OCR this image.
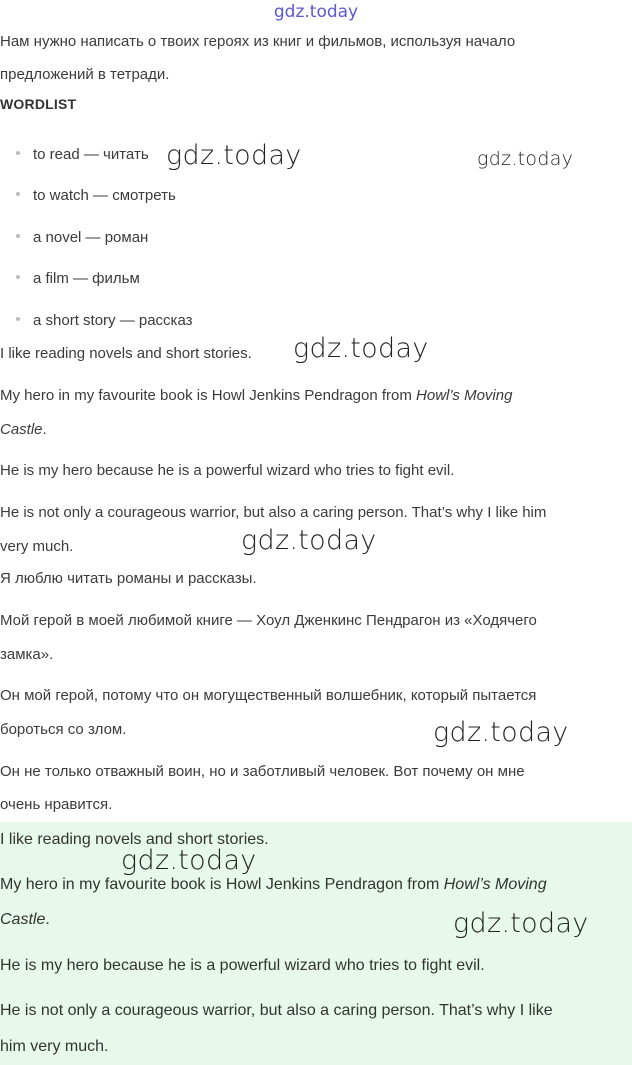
gdz.today

Нам нужно написать о твоих героях из книг и фильмов, используя начало

предложений в тетради.

WORDLIST

to read — читать
to watch — смотреть
a novel — роман
a film — фильм
a short story — рассказ

I like reading novels and short stories.

My hero in my favourite book is Howl Jenkins Pendragon from Howl’s Moving

Castle.

He is my hero because he is a powerful wizard who tries to fight evil.

He is not only a courageous warrior, but also a caring person. That’s why I like him

very much.

Я люблю читать романы и рассказы.

Мой герой в моей любимой книге — Хоул Дженкинс Пендрагон из «Ходячего

замка».

Он мой герой, потому что он могущественный волшебник, который пытается

бороться со злом.

Он не только отважный воин, но и заботливый человек. Вот почему он мне

очень нравится.

I like reading novels and short stories.

My hero in my favourite book is Howl Jenkins Pendragon from Howl’s Moving

Castle.

He is my hero because he is a powerful wizard who tries to fight evil.

He is not only a courageous warrior, but also a caring person. That’s why I like

him very much.

gdz.today	gdz.today
gdz.today
gdz.today
gdz.today
gdz.today
gdz.today
